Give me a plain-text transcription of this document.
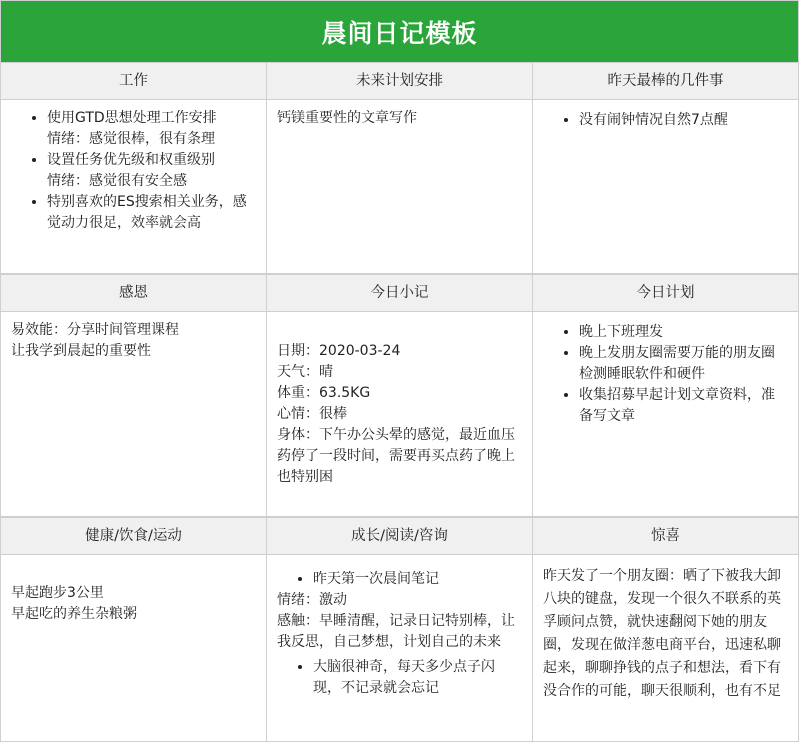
晨间日记模板
工作	未来计划安排	昨天最棒的几件事
• 使用GTD思想处理工作安排
情绪：感觉很棒，很有条理
• 设置任务优先级和权重级别
情绪：感觉很有安全感
• 特别喜欢的ES搜索相关业务，感觉动力很足，效率就会高

钙镁重要性的文章写作

•	没有闹钟情况自然7点醒
感恩	今日小记	今日计划
易效能：分享时间管理课程
让我学到晨起的重要性	日期：2020-03-24
天气：晴
体重：63.5KG
心情：很棒
身体：下午办公头晕的感觉，最近血压药停了一段时间，需要再买点药了晚上也特别困
• 晚上下班理发
• 晚上发朋友圈需要万能的朋友圈检测睡眠软件和硬件
• 收集招募早起计划文章资料，准备写文章
健康/饮食/运动	成长/阅读/咨询	惊喜
早起跑步3公里
早起吃的养生杂粮粥
• 昨天第一次晨间笔记
情绪：激动
感触：早睡清醒，记录日记特别棒，让我反思，自己梦想，计划自己的未来
• 大脑很神奇，每天多少点子闪现，不记录就会忘记

昨天发了一个朋友圈：晒了下被我大卸八块的键盘，发现一个很久不联系的英孚顾问点赞，就快速翻阅下她的朋友圈，发现在做洋葱电商平台，迅速私聊起来，聊聊挣钱的点子和想法，看下有没合作的可能，聊天很顺利，也有不足
